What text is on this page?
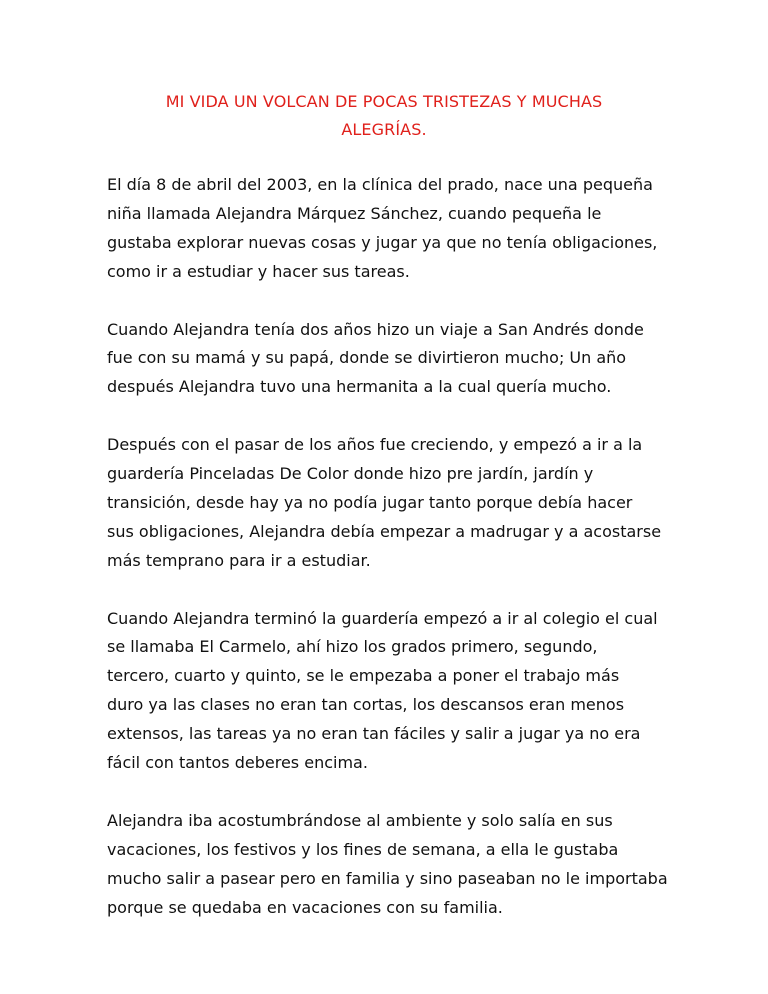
MI VIDA UN VOLCAN DE POCAS TRISTEZAS Y MUCHAS
ALEGRÍAS.

El día 8 de abril del 2003, en la clínica del prado, nace una pequeña
niña llamada Alejandra Márquez Sánchez, cuando pequeña le
gustaba explorar nuevas cosas y jugar ya que no tenía obligaciones,
como ir a estudiar y hacer sus tareas.

Cuando Alejandra tenía dos años hizo un viaje a San Andrés donde
fue con su mamá y su papá, donde se divirtieron mucho; Un año
después Alejandra tuvo una hermanita a la cual quería mucho.

Después con el pasar de los años fue creciendo, y empezó a ir a la
guardería Pinceladas De Color donde hizo pre jardín, jardín y
transición, desde hay ya no podía jugar tanto porque debía hacer
sus obligaciones, Alejandra debía empezar a madrugar y a acostarse
más temprano para ir a estudiar.

Cuando Alejandra terminó la guardería empezó a ir al colegio el cual
se llamaba El Carmelo, ahí hizo los grados primero, segundo,
tercero, cuarto y quinto, se le empezaba a poner el trabajo más
duro ya las clases no eran tan cortas, los descansos eran menos
extensos, las tareas ya no eran tan fáciles y salir a jugar ya no era
fácil con tantos deberes encima.

Alejandra iba acostumbrándose al ambiente y solo salía en sus
vacaciones, los festivos y los fines de semana, a ella le gustaba
mucho salir a pasear pero en familia y sino paseaban no le importaba
porque se quedaba en vacaciones con su familia.
